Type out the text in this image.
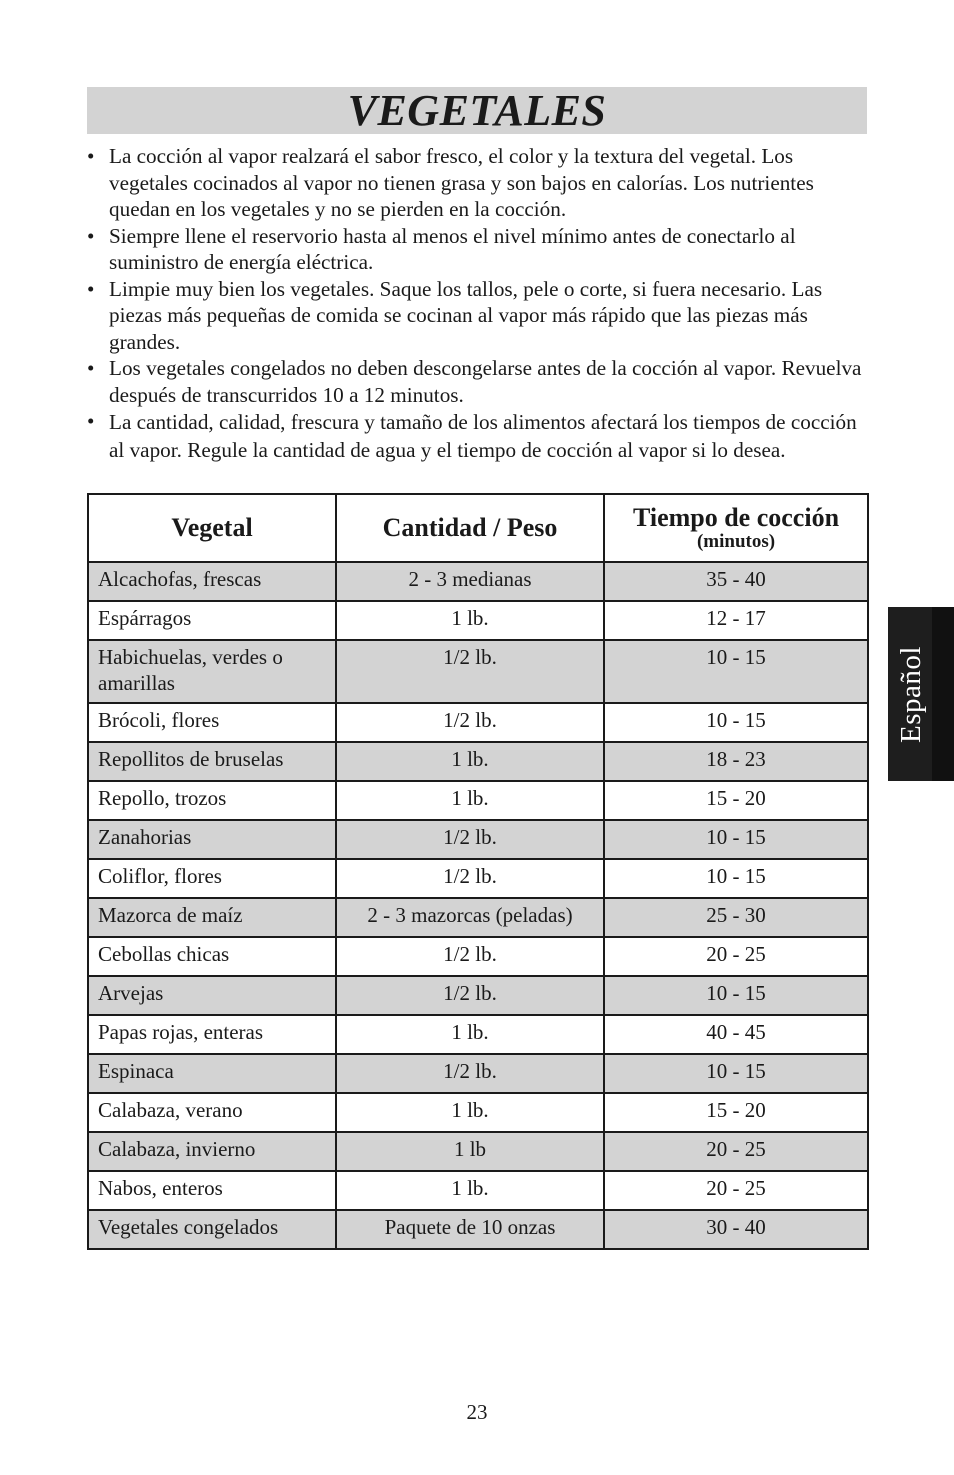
VEGETALES
• La cocción al vapor realzará el sabor fresco, el color y la textura del vegetal. Los vegetales cocinados al vapor no tienen grasa y son bajos en calorías. Los nutrientes quedan en los vegetales y no se pierden en la cocción.
• Siempre llene el reservorio hasta al menos el nivel mínimo antes de conectarlo al suministro de energía eléctrica.
• Limpie muy bien los vegetales. Saque los tallos, pele o corte, si fuera necesario. Las piezas más pequeñas de comida se cocinan al vapor más rápido que las piezas más grandes.
• Los vegetales congelados no deben descongelarse antes de la cocción al vapor. Revuelva después de transcurridos 10 a 12 minutos.
• La cantidad, calidad, frescura y tamaño de los alimentos afectará los tiempos de cocción al vapor. Regule la cantidad de agua y el tiempo de cocción al vapor si lo desea.
Vegetal	Cantidad / Peso	Tiempo de cocción
(minutos)

Alcachofas, frescas	2 - 3 medianas	35 - 40
Espárragos	1 lb.	12 - 17
Habichuelas, verdes o amarillas	1/2 lb.	10 - 15
Brócoli, flores	1/2 lb.	10 - 15
Repollitos de bruselas	1 lb.	18 - 23
Repollo, trozos	1 lb.	15 - 20
Zanahorias	1/2 lb.	10 - 15
Coliflor, flores	1/2 lb.	10 - 15
Mazorca de maíz	2 - 3 mazorcas (peladas)	25 - 30
Cebollas chicas	1/2 lb.	20 - 25
Arvejas	1/2 lb.	10 - 15
Papas rojas, enteras	1 lb.	40 - 45
Espinaca	1/2 lb.	10 - 15
Calabaza, verano	1 lb.	15 - 20
Calabaza, invierno	1 lb	20 - 25
Nabos, enteros	1 lb.	20 - 25
Vegetales congelados	Paquete de 10 onzas	30 - 40
Español
23
